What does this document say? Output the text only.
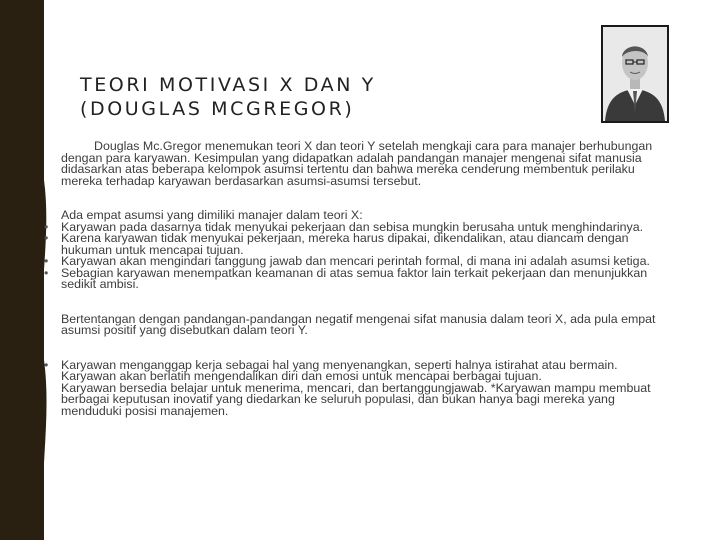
TEORI MOTIVASI X DAN Y
(DOUGLAS MCGREGOR)

Douglas Mc.Gregor menemukan teori X dan teori Y setelah mengkaji cara para manajer berhubungan dengan para karyawan. Kesimpulan yang didapatkan adalah pandangan manajer mengenai sifat manusia didasarkan atas beberapa kelompok asumsi tertentu dan bahwa mereka cenderung membentuk perilaku mereka terhadap karyawan berdasarkan asumsi-asumsi tersebut.

Ada empat asumsi yang dimiliki manajer dalam teori X:

• Karyawan pada dasarnya tidak menyukai pekerjaan dan sebisa mungkin berusaha untuk menghindarinya.

• Karena karyawan tidak menyukai pekerjaan, mereka harus dipakai, dikendalikan, atau diancam dengan hukuman untuk mencapai tujuan.

• Karyawan akan mengindari tanggung jawab dan mencari perintah formal, di mana ini adalah asumsi ketiga.

• Sebagian karyawan menempatkan keamanan di atas semua faktor lain terkait pekerjaan dan menunjukkan sedikit ambisi.

Bertentangan dengan pandangan-pandangan negatif mengenai sifat manusia dalam teori X, ada pula empat asumsi positif yang disebutkan dalam teori Y.

• Karyawan menganggap kerja sebagai hal yang menyenangkan, seperti halnya istirahat atau bermain.

Karyawan akan berlatih mengendalikan diri dan emosi untuk mencapai berbagai tujuan.

Karyawan bersedia belajar untuk menerima, mencari, dan bertanggungjawab. *Karyawan mampu membuat berbagai keputusan inovatif yang diedarkan ke seluruh populasi, dan bukan hanya bagi mereka yang menduduki posisi manajemen.
